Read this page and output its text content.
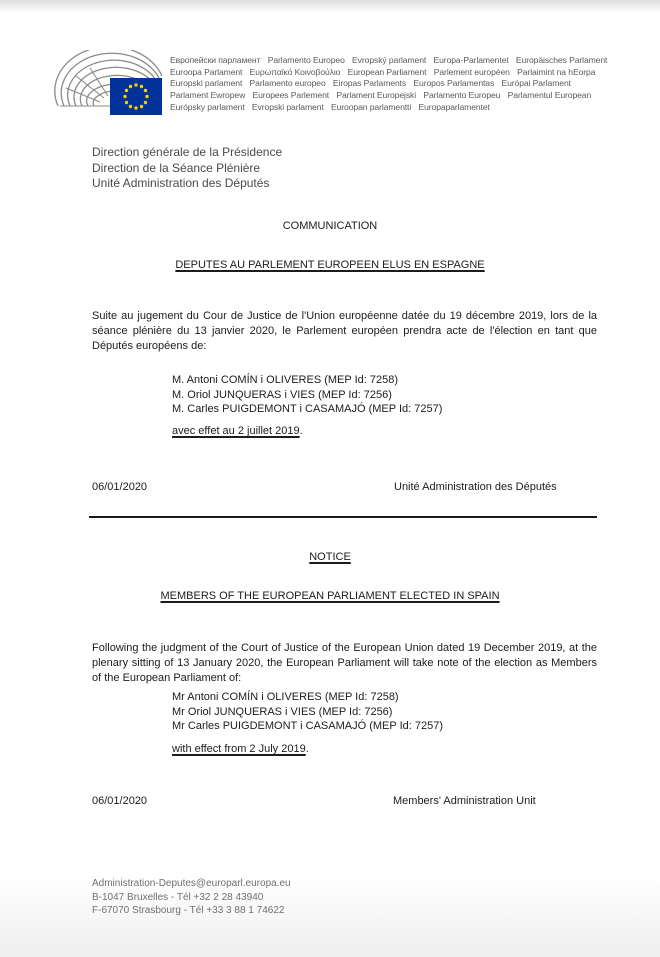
Европейски парламент Parlamento Europeo Evropský parlament Europa-Parlamentet Europäisches Parlament
Euroopa Parlament Ευρωπαϊκό Κοινοβούλιο European Parliament Parlement européen Parlaimint na hEorpa
Europski parlament Parlamento europeo Eiropas Parlaments Europos Parlamentas Európai Parlament
Parlament Ewropew Europees Parlement Parlament Europejski Parlamento Europeu Parlamentul European
Európsky parlament Evropski parlament Euroopan parlamentti Europaparlamentet
Direction générale de la Présidence
Direction de la Séance Plénière
Unité Administration des Députés
COMMUNICATION
DEPUTES AU PARLEMENT EUROPEEN ELUS EN ESPAGNE
Suite au jugement du Cour de Justice de l'Union européenne datée du 19 décembre 2019, lors de la séance plénière du 13 janvier 2020, le Parlement européen prendra acte de l'élection en tant que Députés européens de:
M. Antoni COMÍN i OLIVERES (MEP Id: 7258)
M. Oriol JUNQUERAS i VIES (MEP Id: 7256)
M. Carles PUIGDEMONT i CASAMAJÓ (MEP Id: 7257)
avec effet au 2 juillet 2019.
06/01/2020	Unité Administration des Députés
NOTICE
MEMBERS OF THE EUROPEAN PARLIAMENT ELECTED IN SPAIN
Following the judgment of the Court of Justice of the European Union dated 19 December 2019, at the plenary sitting of 13 January 2020, the European Parliament will take note of the election as Members of the European Parliament of:
Mr Antoni COMÍN i OLIVERES (MEP Id: 7258)
Mr Oriol JUNQUERAS i VIES (MEP Id: 7256)
Mr Carles PUIGDEMONT i CASAMAJÓ (MEP Id: 7257)
with effect from 2 July 2019.
06/01/2020	Members' Administration Unit
Administration-Deputes@europarl.europa.eu
B-1047 Bruxelles - Tél +32 2 28 43940
F-67070 Strasbourg - Tél +33 3 88 1 74622
